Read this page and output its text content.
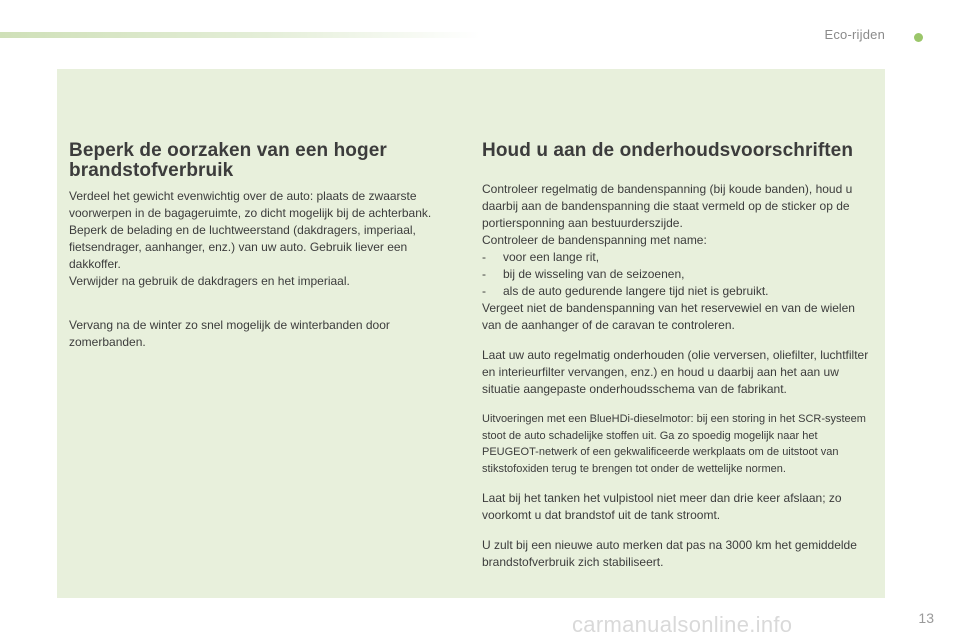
Eco-rijden
Beperk de oorzaken van een hoger brandstofverbruik

Verdeel het gewicht evenwichtig over de auto: plaats de zwaarste voorwerpen in de bagageruimte, zo dicht mogelijk bij de achterbank.

Beperk de belading en de luchtweerstand (dakdragers, imperiaal, fietsendrager, aanhanger, enz.) van uw auto. Gebruik liever een dakkoffer.

Verwijder na gebruik de dakdragers en het imperiaal.

Vervang na de winter zo snel mogelijk de winterbanden door zomerbanden.

Houd u aan de onderhoudsvoorschriften

Controleer regelmatig de bandenspanning (bij koude banden), houd u daarbij aan de bandenspanning die staat vermeld op de sticker op de portiersponning aan bestuurderszijde.

Controleer de bandenspanning met name:

- voor een lange rit,
- bij de wisseling van de seizoenen,
- als de auto gedurende langere tijd niet is gebruikt.

Vergeet niet de bandenspanning van het reservewiel en van de wielen van de aanhanger of de caravan te controleren.

Laat uw auto regelmatig onderhouden (olie verversen, oliefilter, luchtfilter en interieurfilter vervangen, enz.) en houd u daarbij aan het aan uw situatie aangepaste onderhoudsschema van de fabrikant.

Uitvoeringen met een BlueHDi-dieselmotor: bij een storing in het SCR-systeem stoot de auto schadelijke stoffen uit. Ga zo spoedig mogelijk naar het PEUGEOT-netwerk of een gekwalificeerde werkplaats om de uitstoot van stikstofoxiden terug te brengen tot onder de wettelijke normen.

Laat bij het tanken het vulpistool niet meer dan drie keer afslaan; zo voorkomt u dat brandstof uit de tank stroomt.

U zult bij een nieuwe auto merken dat pas na 3000 km het gemiddelde brandstofverbruik zich stabiliseert.

13
carmanualsonline.info
